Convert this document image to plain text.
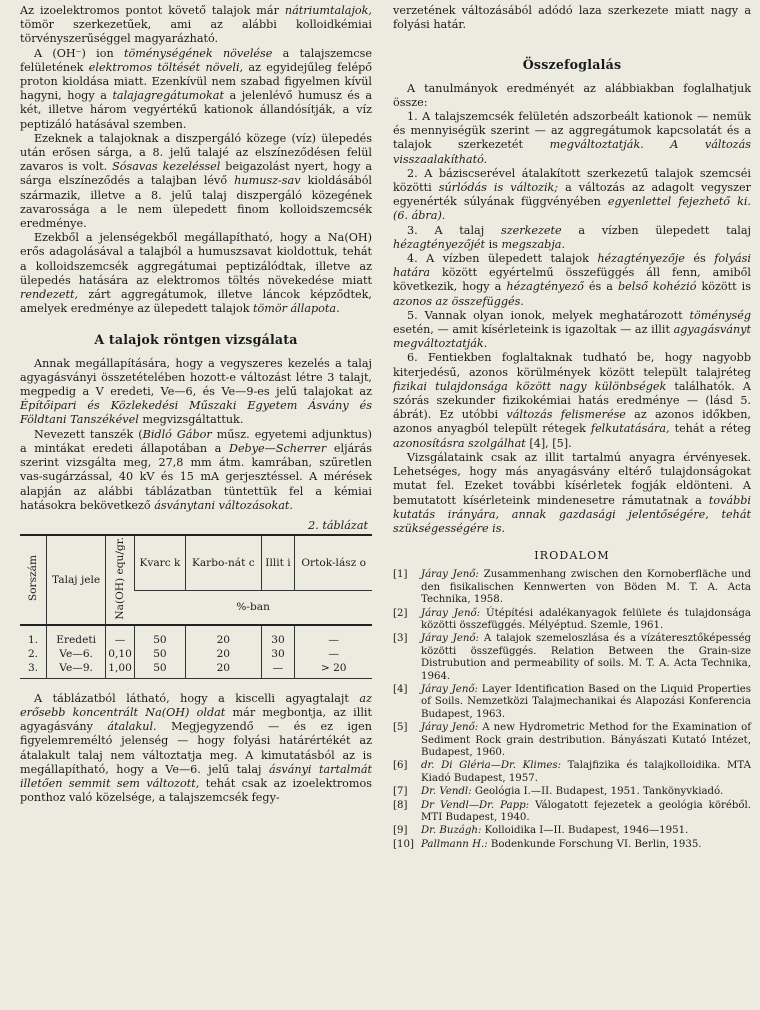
Az izoelektromos pontot követő talajok már nátriumtalajok, tömör szerkezetűek, ami az alábbi kolloidkémiai törvényszerűséggel magyarázható.

A (OH⁻) ion töménységének növelése a talajszemcse felületének elektromos töltését növeli, az egyidejűleg felépő proton kioldása miatt. Ezenkívül nem szabad figyelmen kívül hagyni, hogy a talajagregátumokat a jelenlévő humusz és a két, illetve három vegyértékű kationok állandósítják, a víz peptizáló hatásával szemben.

Ezeknek a talajoknak a diszpergáló közege (víz) ülepedés után erősen sárga, a 8. jelű talajé az elszíneződésen felül zavaros is volt. Sósavas kezeléssel beigazolást nyert, hogy a sárga elszíneződés a talajban lévő humusz-sav kioldásából származik, illetve a 8. jelű talaj diszpergáló közegének zavarossága a le nem ülepedett finom kolloidszemcsék eredménye.

Ezekből a jelenségekből megállapítható, hogy a Na(OH) erős adagolásával a talajból a humuszsavat kioldottuk, tehát a kolloidszemcsék aggregátumai peptizálódtak, illetve az ülepedés hatására az elektromos töltés növekedése miatt rendezett, zárt aggregátumok, illetve láncok képződtek, amelyek eredménye az ülepedett talajok tömör állapota.

A talajok röntgen vizsgálata

Annak megállapítására, hogy a vegyszeres kezelés a talaj agyagásványi összetételében hozott-e változást létre 3 talajt, megpedig a V eredeti, Ve—6, és Ve—9-es jelű talajokat az Építőipari és Közlekedési Műszaki Egyetem Ásvány és Földtani Tanszékével megvizsgáltattuk.

Nevezett tanszék (Bidló Gábor műsz. egyetemi adjunktus) a mintákat eredeti állapotában a Debye—Scherrer eljárás szerint vizsgálta meg, 27,8 mm átm. kamrában, szűretlen vas-sugárzással, 40 kV és 15 mA gerjesztéssel. A mérések alapján az alábbi táblázatban tüntettük fel a kémiai hatásokra bekövetkező ásványtani változásokat.

2. táblázat
Sorszám	Talaj jele	Na(OH) equ/gr.	Kvarc k	Karbo-nát c	Illit i	Ortok-lász o
			%-ban			
1.	Eredeti	—	50	20	30	—
2.	Ve—6.	0,10	50	20	30	—
3.	Ve—9.	1,00	50	20	—	> 20

A táblázatból látható, hogy a kiscelli agyagtalajt az erősebb koncentrált Na(OH) oldat már megbontja, az illit agyagásvány átalakul. Megjegyzendő — és ez igen figyelemreméltó jelenség — hogy folyási határértékét az átalakult talaj nem változtatja meg. A kimutatásból az is megállapítható, hogy a Ve—6. jelű talaj ásványi tartalmát illetően semmit sem változott, tehát csak az izoelektromos ponthoz való közelsége, a talajszemcsék fegy-

verzetének változásából adódó laza szerkezete miatt nagy a folyási határ.

Összefoglalás

A tanulmányok eredményét az alábbiakban foglalhatjuk össze:

1. A talajszemcsék felületén adszorbeált kationok — nemük és mennyiségük szerint — az aggregátumok kapcsolatát és a talajok szerkezetét megváltoztatják. A változás visszaalakítható.

2. A báziscserével átalakított szerkezetű talajok szemcséi közötti súrlódás is változik; a változás az adagolt vegyszer egyenérték súlyának függvényében egyenlettel fejezhető ki. (6. ábra).

3. A talaj szerkezete a vízben ülepedett talaj hézagtényezőjét is megszabja.

4. A vízben ülepedett talajok hézagtényezője és folyási határa között egyértelmű összefüggés áll fenn, amiből következik, hogy a hézagtényező és a belső kohézió között is azonos az összefüggés.

5. Vannak olyan ionok, melyek meghatározott töménység esetén, — amit kísérleteink is igazoltak — az illit agyagásványt megváltoztatják.

6. Fentiekben foglaltaknak tudható be, hogy nagyobb kiterjedésű, azonos körülmények között települt talajréteg fizikai tulajdonsága között nagy különbségek találhatók. A szórás szekunder fizikokémiai hatás eredménye — (lásd 5. ábrát). Ez utóbbi változás felismerése az azonos időkben, azonos anyagból települt rétegek felkutatására, tehát a réteg azonosításra szolgálhat [4], [5].

Vizsgálataink csak az illit tartalmú anyagra érvényesek. Lehetséges, hogy más anyagásvány eltérő tulajdonságokat mutat fel. Ezeket további kísérletek fogják eldönteni. A bemutatott kísérleteink mindenesetre rámutatnak a további kutatás irányára, annak gazdasági jelentőségére, tehát szükségességére is.

IRODALOM
[1] Járay Jenő: Zusammenhang zwischen den Kornoberfläche und den fisikalischen Kennwerten von Böden M. T. A. Acta Technika, 1958.
[2] Járay Jenő: Útépítési adalékanyagok felülete és tulajdonsága közötti összefüggés. Mélyéptud. Szemle, 1961.
[3] Járay Jenő: A talajok szemeloszlása és a vízáteresztőképesség közötti összefüggés. Relation Between the Grain-size Distrubution and permeability of soils. M. T. A. Acta Technika, 1964.
[4] Járay Jenő: Layer Identification Based on the Liquid Properties of Soils. Nemzetközi Talajmechanikai és Alapozási Konferencia Budapest, 1963.
[5] Járay Jenő: A new Hydrometric Method for the Examination of Sediment Rock grain destribution. Bányászati Kutató Intézet, Budapest, 1960.
[6] dr. Di Gléria—Dr. Klimes: Talajfizika és talajkolloidika. MTA Kiadó Budapest, 1957.
[7] Dr. Vendl: Geológia I.—II. Budapest, 1951. Tankönyvkiadó.
[8] Dr Vendl—Dr. Papp: Válogatott fejezetek a geológia köréből. MTI Budapest, 1940.
[9] Dr. Buzágh: Kolloidika I—II. Budapest, 1946—1951.
[10] Pallmann H.: Bodenkunde Forschung VI. Berlin, 1935.
